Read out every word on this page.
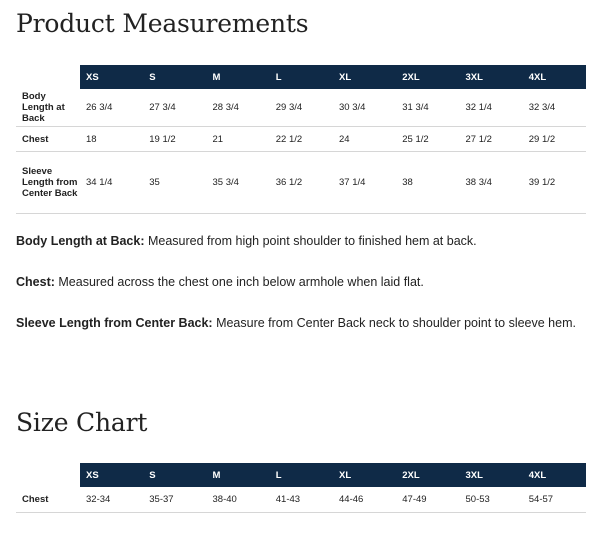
Product Measurements
	XS	S	M	L	XL	2XL	3XL	4XL
Body Length at Back	26 3/4	27 3/4	28 3/4	29 3/4	30 3/4	31 3/4	32 1/4	32 3/4
Chest	18	19 1/2	21	22 1/2	24	25 1/2	27 1/2	29 1/2
Sleeve Length from Center Back	34 1/4	35	35 3/4	36 1/2	37 1/4	38	38 3/4	39 1/2

Body Length at Back: Measured from high point shoulder to finished hem at back.

Chest: Measured across the chest one inch below armhole when laid flat.

Sleeve Length from Center Back: Measure from Center Back neck to shoulder point to sleeve hem.

Size Chart
	XS	S	M	L	XL	2XL	3XL	4XL
Chest	32-34	35-37	38-40	41-43	44-46	47-49	50-53	54-57
